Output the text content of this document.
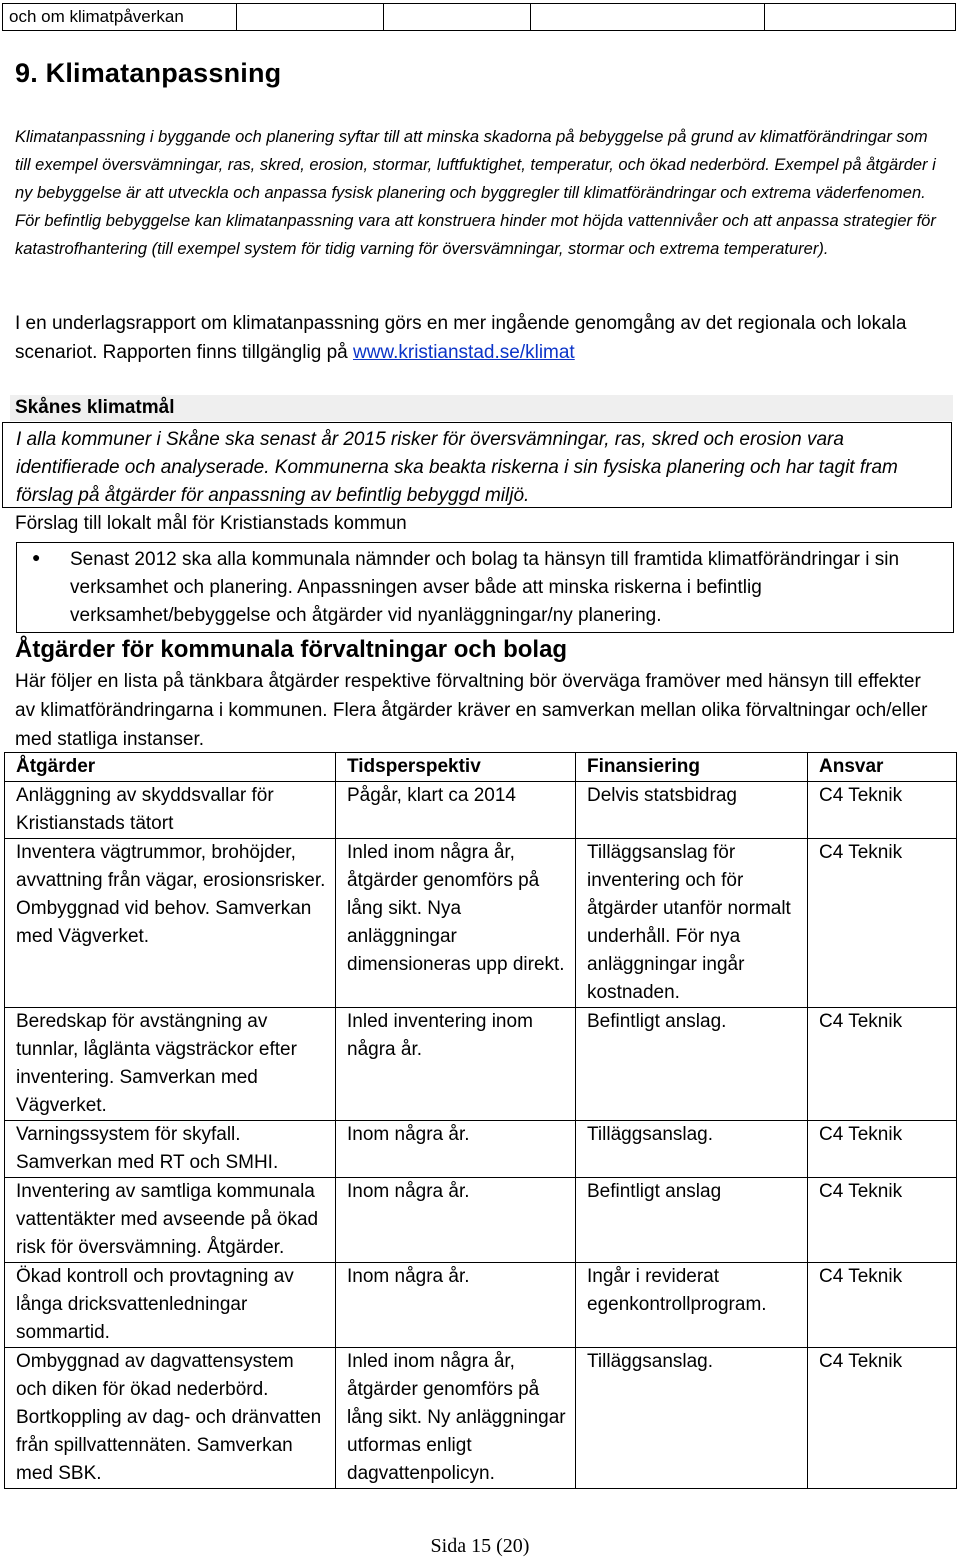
och om klimatpåverkan				
9. Klimatanpassning
Klimatanpassning i byggande och planering syftar till att minska skadorna på bebyggelse på grund av klimatförändringar som till exempel översvämningar, ras, skred, erosion, stormar, luftfuktighet, temperatur, och ökad nederbörd. Exempel på åtgärder i ny bebyggelse är att utveckla och anpassa fysisk planering och byggregler till klimatförändringar och extrema väderfenomen. För befintlig bebyggelse kan klimatanpassning vara att konstruera hinder mot höjda vattennivåer och att anpassa strategier för katastrofhantering (till exempel system för tidig varning för översvämningar, stormar och extrema temperaturer).
I en underlagsrapport om klimatanpassning görs en mer ingående genomgång av det regionala och lokala scenariot. Rapporten finns tillgänglig på www.kristianstad.se/klimat
Skånes klimatmål
I alla kommuner i Skåne ska senast år 2015 risker för översvämningar, ras, skred och erosion vara identifierade och analyserade. Kommunerna ska beakta riskerna i sin fysiska planering och har tagit fram förslag på åtgärder för anpassning av befintlig bebyggd miljö.
Förslag till lokalt mål för Kristianstads kommun
● Senast 2012 ska alla kommunala nämnder och bolag ta hänsyn till framtida klimatförändringar i sin verksamhet och planering. Anpassningen avser både att minska riskerna i befintlig verksamhet/bebyggelse och åtgärder vid nyanläggningar/ny planering.
Åtgärder för kommunala förvaltningar och bolag
Här följer en lista på tänkbara åtgärder respektive förvaltning bör överväga framöver med hänsyn till effekter av klimatförändringarna i kommunen. Flera åtgärder kräver en samverkan mellan olika förvaltningar och/eller med statliga instanser.
Åtgärder	Tidsperspektiv	Finansiering	Ansvar
Anläggning av skyddsvallar för Kristianstads tätort	Pågår, klart ca 2014	Delvis statsbidrag	C4 Teknik
Inventera vägtrummor, brohöjder, avvattning från vägar, erosionsrisker. Ombyggnad vid behov. Samverkan med Vägverket.	Inled inom några år, åtgärder genomförs på lång sikt. Nya anläggningar dimensioneras upp direkt.	Tilläggsanslag för inventering och för åtgärder utanför normalt underhåll. För nya anläggningar ingår kostnaden.	C4 Teknik
Beredskap för avstängning av tunnlar, låglänta vägsträckor efter inventering. Samverkan med Vägverket.	Inled inventering inom några år.	Befintligt anslag.	C4 Teknik
Varningssystem för skyfall. Samverkan med RT och SMHI.	Inom några år.	Tilläggsanslag.	C4 Teknik
Inventering av samtliga kommunala vattentäkter med avseende på ökad risk för översvämning. Åtgärder.	Inom några år.	Befintligt anslag	C4 Teknik
Ökad kontroll och provtagning av långa dricksvattenledningar sommartid.	Inom några år.	Ingår i reviderat egenkontrollprogram.	C4 Teknik
Ombyggnad av dagvattensystem och diken för ökad nederbörd. Bortkoppling av dag- och dränvatten från spillvattennäten. Samverkan med SBK.	Inled inom några år, åtgärder genomförs på lång sikt. Ny anläggningar utformas enligt dagvattenpolicyn.	Tilläggsanslag.	C4 Teknik
Sida 15 (20)
